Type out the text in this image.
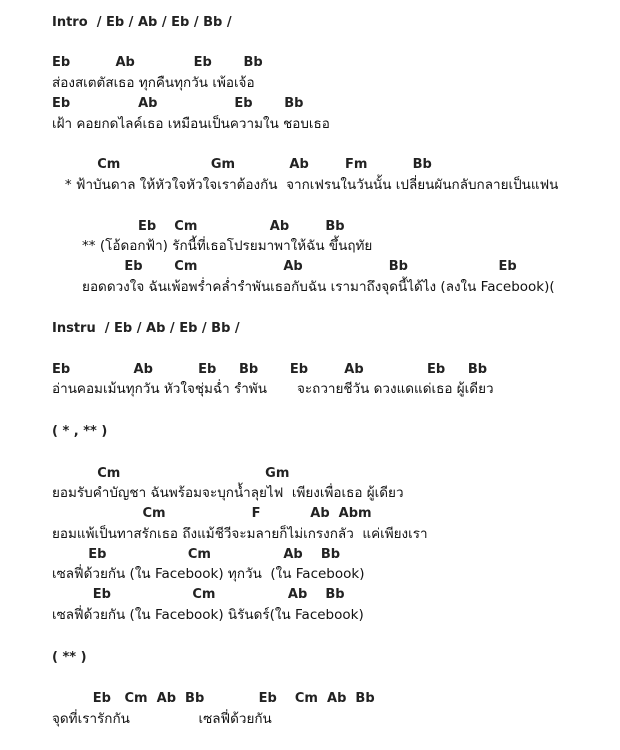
Intro  / Eb / Ab / Eb / Bb /
Eb          Ab             Eb       Bb
ส่องสเตตัสเธอ ทุกคืนทุกวัน เพ้อเจ้อ
Eb               Ab                 Eb       Bb
เฝ้า คอยกดไลค์เธอ เหมือนเป็นความใน ชอบเธอ
Cm                    Gm            Ab        Fm          Bb
* ฟ้าบันดาล ให้หัวใจหัวใจเราต้องกัน  จากเฟรนในวันนั้น เปลี่ยนผันกลับกลายเป็นแฟน
Eb    Cm                Ab        Bb
** (โอ้ดอกฟ้า) รักนี้ที่เธอโปรยมาพาให้ฉัน ขึ้นฤทัย
Eb       Cm                   Ab                   Bb                    Eb
ยอดดวงใจ ฉันเพ้อพร่ำคล่ำรำพันเธอกับฉัน เรามาถึงจุดนี้ได้ไง (ลงใน Facebook)(
Instru  / Eb / Ab / Eb / Bb /
Eb              Ab          Eb     Bb       Eb        Ab              Eb     Bb
อ่านคอมเม้นทุกวัน หัวใจชุ่มฉ่ำ รำพัน       จะถวายชีวัน ดวงแดแด่เธอ ผู้เดียว
( * , ** )
Cm                                Gm
ยอมรับคำบัญชา ฉันพร้อมจะบุกน้ำลุยไฟ  เพียงเพื่อเธอ ผู้เดียว
Cm                   F           Ab  Abm
ยอมแพ้เป็นทาสรักเธอ ถึงแม้ชีวีจะมลายก็ไม่เกรงกลัว  แค่เพียงเรา
Eb                  Cm                Ab    Bb
เซลฟี่ด้วยกัน (ใน Facebook) ทุกวัน  (ใน Facebook)
Eb                  Cm                Ab    Bb
เซลฟี่ด้วยกัน (ใน Facebook) นิรันดร์(ใน Facebook)
( ** )
Eb   Cm  Ab  Bb            Eb    Cm  Ab  Bb
จุดที่เรารักกัน                เซลฟี่ด้วยกัน
